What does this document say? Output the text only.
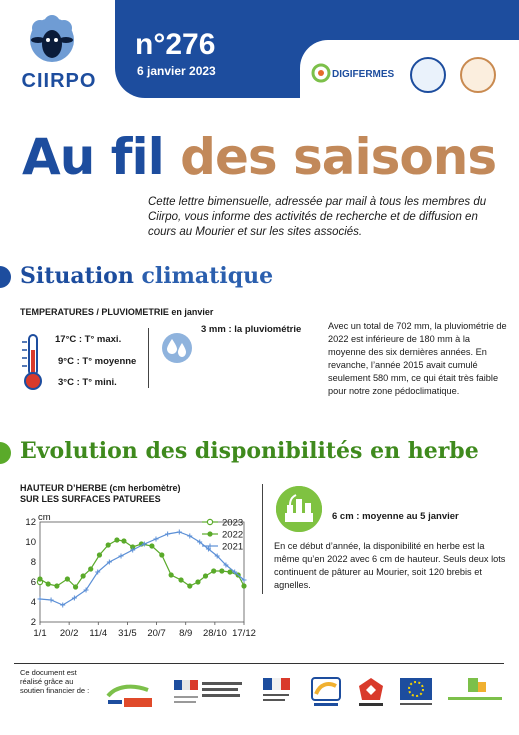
CIIRPO
n°276
6 janvier 2023	DIGIFERMES
Au fil des saisons
Cette lettre bimensuelle, adressée par mail à tous les membres du Ciirpo, vous informe des activités de recherche et de diffusion en cours au Mourier et sur les sites associés.
Situation climatique
TEMPERATURES / PLUVIOMETRIE en janvier
17°C : T° maxi.
9°C : T° moyenne
3°C : T° mini.
3 mm : la pluviométrie	Avec un total de 702 mm, la pluviométrie de 2022 est inférieure de 180 mm à la moyenne des six dernières années. En revanche, l’année 2015 avait cumulé seulement 580 mm, ce qui était très faible pour notre zone pédoclimatique.
Evolution des disponibilités en herbe
HAUTEUR D’HERBE (cm herbomètre)
SUR LES SURFACES PATUREES
2
4
6
8
10
12 cm
1/1 20/2 11/4 31/5 20/7 8/9 28/10 17/12
2023
2022
2021
6 cm : moyenne au 5 janvier
En ce début d’année, la disponibilité en herbe est la même qu’en 2022 avec 6 cm de hauteur. Seuls deux lots continuent de pâturer au Mourier, soit 120 brebis et agnelles.
Ce document est réalisé grâce au soutien financier de :
